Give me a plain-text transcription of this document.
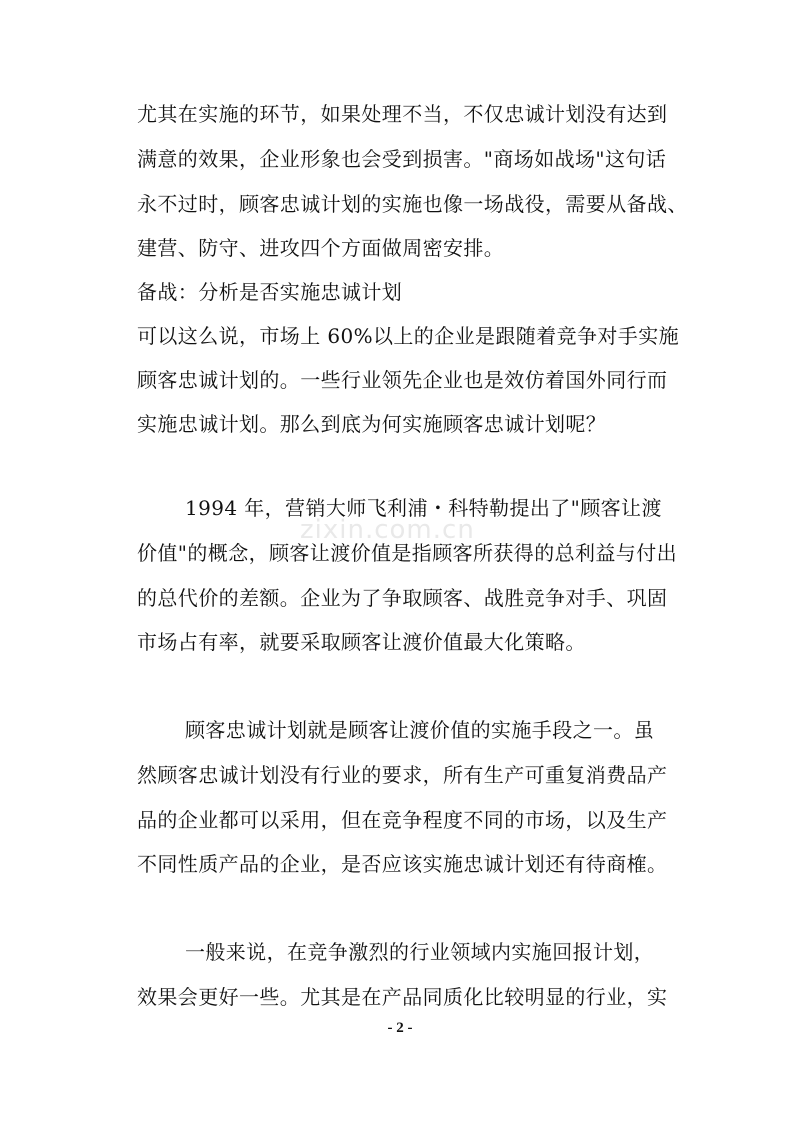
zixin.com.cn
尤其在实施的环节，如果处理不当，不仅忠诚计划没有达到
满意的效果，企业形象也会受到损害。"商场如战场"这句话
永不过时，顾客忠诚计划的实施也像一场战役，需要从备战、
建营、防守、进攻四个方面做周密安排。
备战：分析是否实施忠诚计划
可以这么说，市场上 60%以上的企业是跟随着竞争对手实施
顾客忠诚计划的。一些行业领先企业也是效仿着国外同行而
实施忠诚计划。那么到底为何实施顾客忠诚计划呢？
1994 年，营销大师飞利浦・科特勒提出了"顾客让渡
价值"的概念，顾客让渡价值是指顾客所获得的总利益与付出
的总代价的差额。企业为了争取顾客、战胜竞争对手、巩固
市场占有率，就要采取顾客让渡价值最大化策略。
顾客忠诚计划就是顾客让渡价值的实施手段之一。虽
然顾客忠诚计划没有行业的要求，所有生产可重复消费品产
品的企业都可以采用，但在竞争程度不同的市场，以及生产
不同性质产品的企业，是否应该实施忠诚计划还有待商榷。
一般来说，在竞争激烈的行业领域内实施回报计划，
效果会更好一些。尤其是在产品同质化比较明显的行业，实
- 2 -
